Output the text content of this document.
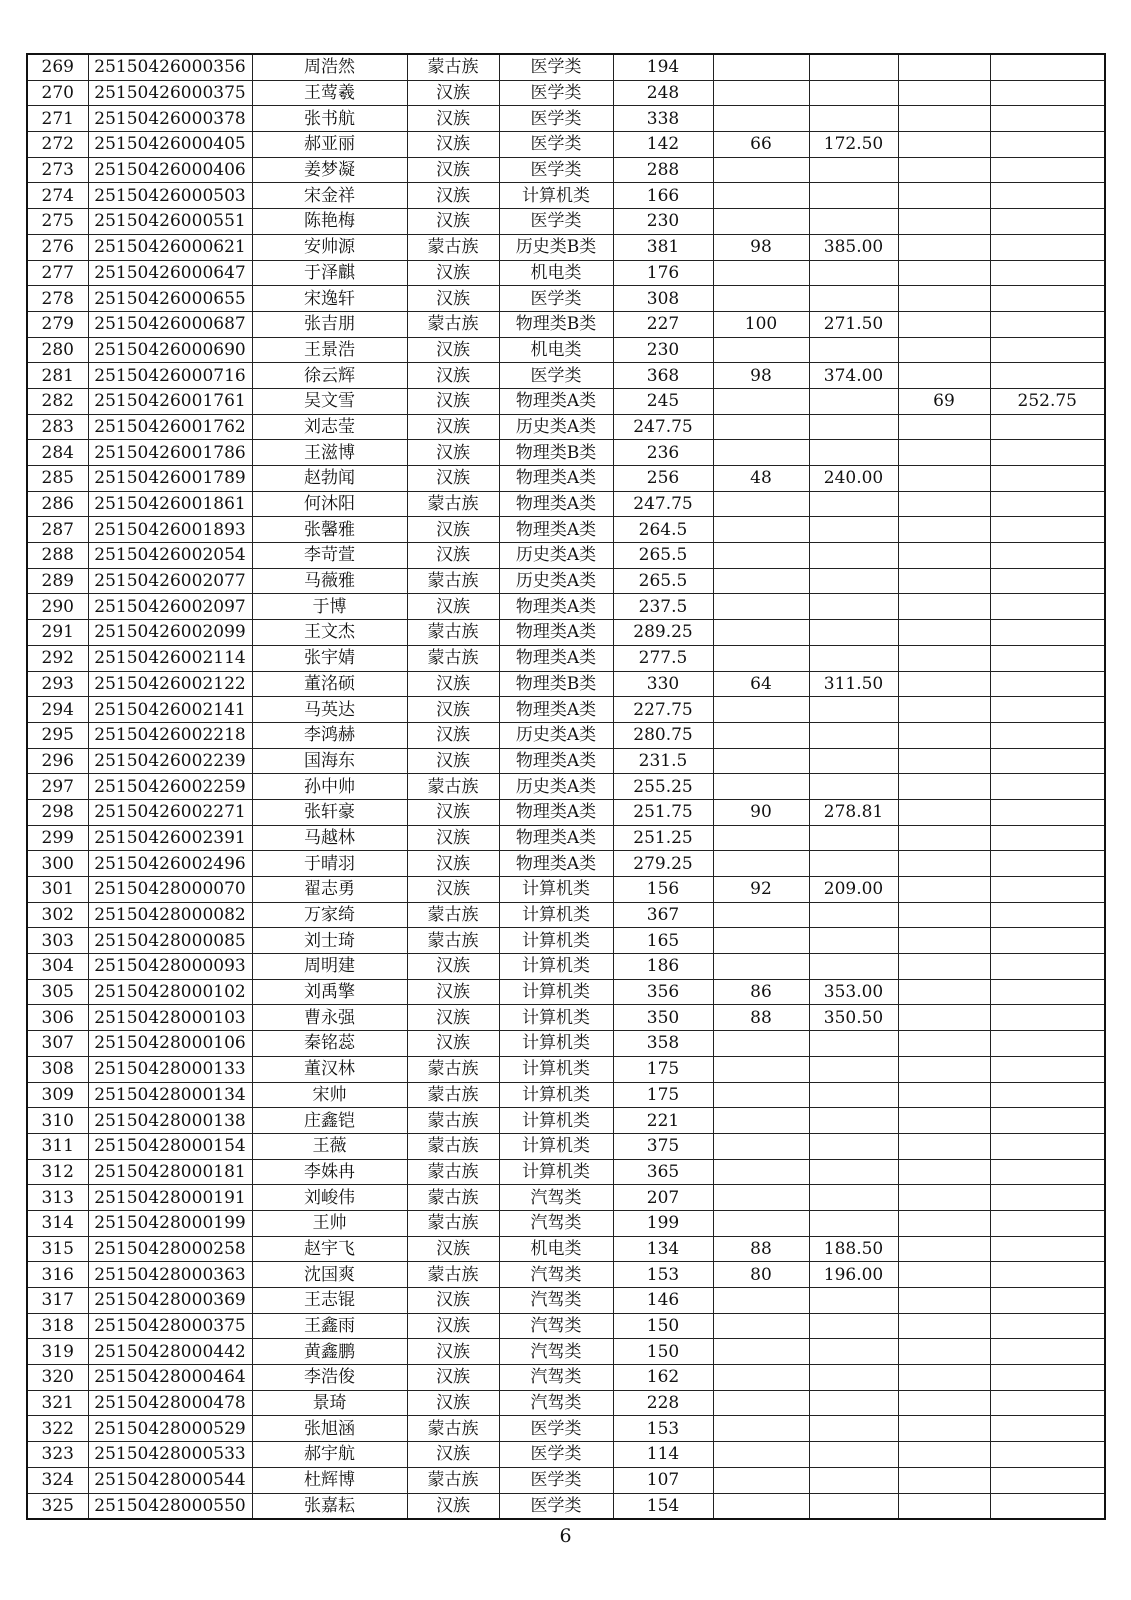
269	25150426000356	周浩然	蒙古族	医学类	194				
270	25150426000375	王莺羲	汉族	医学类	248				
271	25150426000378	张书航	汉族	医学类	338				
272	25150426000405	郝亚丽	汉族	医学类	142	66	172.50		
273	25150426000406	姜梦凝	汉族	医学类	288				
274	25150426000503	宋金祥	汉族	计算机类	166				
275	25150426000551	陈艳梅	汉族	医学类	230				
276	25150426000621	安帅源	蒙古族	历史类B类	381	98	385.00		
277	25150426000647	于泽麒	汉族	机电类	176				
278	25150426000655	宋逸轩	汉族	医学类	308				
279	25150426000687	张吉朋	蒙古族	物理类B类	227	100	271.50		
280	25150426000690	王景浩	汉族	机电类	230				
281	25150426000716	徐云辉	汉族	医学类	368	98	374.00		
282	25150426001761	吴文雪	汉族	物理类A类	245			69	252.75
283	25150426001762	刘志莹	汉族	历史类A类	247.75				
284	25150426001786	王滋博	汉族	物理类B类	236				
285	25150426001789	赵勃闻	汉族	物理类A类	256	48	240.00		
286	25150426001861	何沐阳	蒙古族	物理类A类	247.75				
287	25150426001893	张馨雅	汉族	物理类A类	264.5				
288	25150426002054	李苛萱	汉族	历史类A类	265.5				
289	25150426002077	马薇雅	蒙古族	历史类A类	265.5				
290	25150426002097	于博	汉族	物理类A类	237.5				
291	25150426002099	王文杰	蒙古族	物理类A类	289.25				
292	25150426002114	张宇婧	蒙古族	物理类A类	277.5				
293	25150426002122	董洺硕	汉族	物理类B类	330	64	311.50		
294	25150426002141	马英达	汉族	物理类A类	227.75				
295	25150426002218	李鸿赫	汉族	历史类A类	280.75				
296	25150426002239	国海东	汉族	物理类A类	231.5				
297	25150426002259	孙中帅	蒙古族	历史类A类	255.25				
298	25150426002271	张轩豪	汉族	物理类A类	251.75	90	278.81		
299	25150426002391	马越林	汉族	物理类A类	251.25				
300	25150426002496	于晴羽	汉族	物理类A类	279.25				
301	25150428000070	翟志勇	汉族	计算机类	156	92	209.00		
302	25150428000082	万家绮	蒙古族	计算机类	367				
303	25150428000085	刘士琦	蒙古族	计算机类	165				
304	25150428000093	周明建	汉族	计算机类	186				
305	25150428000102	刘禹擎	汉族	计算机类	356	86	353.00		
306	25150428000103	曹永强	汉族	计算机类	350	88	350.50		
307	25150428000106	秦铭蕊	汉族	计算机类	358				
308	25150428000133	董汉林	蒙古族	计算机类	175				
309	25150428000134	宋帅	蒙古族	计算机类	175				
310	25150428000138	庄鑫铠	蒙古族	计算机类	221				
311	25150428000154	王薇	蒙古族	计算机类	375				
312	25150428000181	李姝冉	蒙古族	计算机类	365				
313	25150428000191	刘峻伟	蒙古族	汽驾类	207				
314	25150428000199	王帅	蒙古族	汽驾类	199				
315	25150428000258	赵宇飞	汉族	机电类	134	88	188.50		
316	25150428000363	沈国爽	蒙古族	汽驾类	153	80	196.00		
317	25150428000369	王志锟	汉族	汽驾类	146				
318	25150428000375	王鑫雨	汉族	汽驾类	150				
319	25150428000442	黄鑫鹏	汉族	汽驾类	150				
320	25150428000464	李浩俊	汉族	汽驾类	162				
321	25150428000478	景琦	汉族	汽驾类	228				
322	25150428000529	张旭涵	蒙古族	医学类	153				
323	25150428000533	郝宇航	汉族	医学类	114				
324	25150428000544	杜辉博	蒙古族	医学类	107				
325	25150428000550	张嘉耘	汉族	医学类	154				
6
